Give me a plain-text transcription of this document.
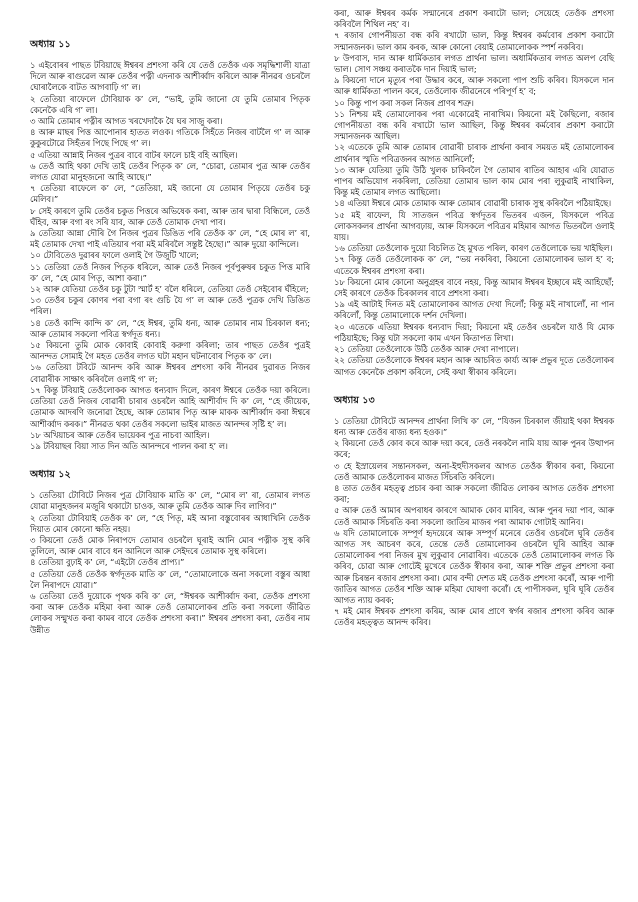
অধ্যায় ১১

১ এইবোৰৰ পাছত টবিয়াছে ঈশ্বৰৰ প্ৰশংসা কৰি যে তেওঁ তেওঁক এক সমৃদ্ধিশালী যাত্ৰা দিলে আৰু ৰাগুৱেল আৰু তেওঁৰ পত্নী এদনাক আশীৰ্ব্বাদ কৰিলে আৰু নীনৱৰ ওচৰলৈ ঘোৰালৈকে বাটত আগবাঢ়ি গ’ ল।

২ তেতিয়া ৰাফেলে টোবিয়াক ক’ লে, “ভাই, তুমি জানো যে তুমি তোমাৰ পিতৃক কেনেকৈ এৰি গ’ লা।

৩ আমি তোমাৰ পত্নীৰ আগত খৰখেদাকৈ যৈ ঘৰ সাজু কৰা।

৪ আৰু মাছৰ পিত্ত আপোনাৰ হাতত লওক। গতিকে সিহঁতে নিজৰ বাটলৈ গ’ ল আৰু কুকুৰটোৱে সিহঁতৰ পিছে পিছে গ’ ল।

৫ এতিয়া আন্নাই নিজৰ পুত্ৰৰ বাবে বাটৰ ফালে চাই বহি আছিল।

৬ তেওঁ আহি থকা দেখি তাই তেওঁৰ পিতৃক ক’ লে, “চোৱা, তোমাৰ পুত্ৰ আৰু তেওঁৰ লগত যোৱা মানুহজনো আহি আছে।”

৭ তেতিয়া ৰাফেলে ক’ লে, “তেতিয়া, মই জানো যে তোমাৰ পিতৃয়ে তেওঁৰ চকু মেলিব।”

৮ সেই কাৰণে তুমি তেওঁৰ চকুত পিত্তৰে অভিষেক কৰা, আৰু তাৰ দ্বাৰা বিন্ধিলে, তেওঁ ঘঁহিব, আৰু বগা ৰং সৰি যাব, আৰু তেওঁ তোমাক দেখা পাব।

৯ তেতিয়া আন্না দৌৰি গৈ নিজৰ পুত্ৰৰ ডিঙিত পৰি তেওঁক ক’ লে, “হে মোৰ ল’ ৰা, মই তোমাক দেখা পাই এতিয়াৰ পৰা মই মৰিবলৈ সন্তুষ্ট হৈছো।” আৰু দুয়ো কান্দিলে।

১০ টোবিতেও দুৱাৰৰ ফালে ওলাই গৈ উজুটি খালে;

১১ তেতিয়া তেওঁ নিজৰ পিতৃক ধৰিলে, আৰু তেওঁ নিজৰ পূৰ্বপুৰুষৰ চকুত পিত্ত মাৰি ক’ লে, “হে মোৰ পিতৃ, আশা কৰা।”

১২ আৰু যেতিয়া তেওঁৰ চকু টুটা স্মাৰ্ট হ’ বলৈ ধৰিলে, তেতিয়া তেওঁ সেইবোৰ ঘঁহিলে;

১৩ তেওঁৰ চকুৰ কোণৰ পৰা বগা ৰং গুচি যৈ গ’ ল আৰু তেওঁ পুত্ৰক দেখি ডিঙিত পৰিল।

১৪ তেওঁ কান্দি কান্দি ক’ লে, “হে ঈশ্বৰ, তুমি ধন্য, আৰু তোমাৰ নাম চিৰকাল ধন্য; আৰু তোমাৰ সকলো পবিত্ৰ স্বৰ্গদূত ধন্য।

১৫ কিয়নো তুমি মোক কোবাই কোবাই করুণা কৰিলা; তাৰ পাছত তেওঁৰ পুত্ৰই আনন্দত সোমাই গৈ মহত তেওঁৰ লগত ঘটা মহান ঘটনাবোৰ পিতৃক ক’ লে।

১৬ তেতিয়া টবিটে আনন্দ কৰি আৰু ঈশ্বৰৰ প্ৰশংসা কৰি নীনৱৰ দুৱাৰত নিজৰ বোৱাৰীক সাক্ষাৎ কৰিবলৈ ওলাই গ’ ল;

১৭ কিন্তু টবিয়াই তেওঁলোকক আগত ধন্যবাদ দিলে, কাৰণ ঈশ্বৰে তেওঁক দয়া কৰিলে। তেতিয়া তেওঁ নিজৰ বোৱাৰী চাৰাৰ ওচৰলৈ আহি আশীৰ্বাদ দি ক’ লে, “হে জীয়েক, তোমাক আদৰণি জনোৱা হৈছে, আৰু তোমাৰ পিতৃ আৰু মাকক আশীৰ্ব্বাদ কৰা ঈশ্বৰে আশীৰ্ব্বাদ কৰক।” নীনৱত থকা তেওঁৰ সকলো ভাইৰ মাজত আনন্দৰ সৃষ্টি হ’ ল।

১৮ অখিয়াচৰ আৰু তেওঁৰ ভায়েকৰ পুত্ৰ নাচবা আহিল।

১৯ টবিয়াছৰ বিয়া সাত দিন অতি আনন্দৰে পালন কৰা হ’ ল।

অধ্যায় ১২

১ তেতিয়া টোবিটে নিজৰ পুত্ৰ টোবিয়াক মাতি ক’ লে, “মোৰ ল’ ৰা, তোমাৰ লগত যোৱা মানুহজনৰ মজুৰি থকাটো চাওক, আৰু তুমি তেওঁক আৰু দিব লাগিব।”

২ তেতিয়া টোবিয়াই তেওঁক ক’ লে, “হে পিতৃ, মই আনা বস্তুবোৰৰ আধাখিনি তেওঁক দিয়াত মোৰ কোনো ক্ষতি নহয়।

৩ কিয়নো তেওঁ মোক নিৰাপদে তোমাৰ ওচৰলৈ ঘূৰাই আনি মোৰ পত্নীক সুস্থ কৰি তুলিলে, আৰু মোৰ বাবে ধন আনিলে আৰু সেইদৰে তোমাক সুস্থ কৰিলে।

৪ তেতিয়া বুঢ়াই ক’ লে, “এইটো তেওঁৰ প্ৰাপ্য।”

৫ তেতিয়া তেওঁ তেওঁক স্বৰ্গদূতক মাতি ক’ লে, “তোমালোকে অনা সকলো বস্তুৰ আধা লৈ নিৰাপদে যোৱা।”

৬ তেতিয়া তেওঁ দুয়োকে পৃথক কৰি ক’ লে, “ঈশ্বৰক আশীৰ্ব্বাদ কৰা, তেওঁক প্ৰশংসা কৰা আৰু তেওঁক মহিমা কৰা আৰু তেওঁ তোমালোকৰ প্ৰতি কৰা সকলো জীৱিত লোকৰ সন্মুখত কৰা কামৰ বাবে তেওঁক প্ৰশংসা কৰা।” ঈশ্বৰৰ প্ৰশংসা কৰা, তেওঁৰ নাম উন্নীত

কৰা, আৰু ঈশ্বৰৰ কৰ্মক সন্মানেৰে প্ৰকাশ কৰাটো ভাল; সেয়েহে তেওঁক প্ৰশংসা কৰিবলৈ শিথিল নহ’ ব।

৭ ৰজাৰ গোপনীয়তা বন্ধ কৰি ৰখাটো ভাল, কিন্তু ঈশ্বৰৰ কৰ্মবোৰ প্ৰকাশ কৰাটো সন্মানজনক। ভাল কাম কৰক, আৰু কোনো বেয়াই তোমালোকক স্পৰ্শ নকৰিব।

৮ উপবাস, দান আৰু ধাৰ্মিকতাৰ লগত প্ৰাৰ্থনা ভাল। অধাৰ্মিকতাৰ লগত অলপ বেছি ভাল। সোণ সঞ্চয় কৰাতকৈ দান দিয়াই ভাল;

৯ কিয়নো দানে মৃত্যুৰ পৰা উদ্ধাৰ কৰে, আৰু সকলো পাপ শুচি কৰিব। যিসকলে দান আৰু ধাৰ্মিকতা পালন কৰে, তেওঁলোক জীৱনেৰে পৰিপূৰ্ণ হ’ ব;

১০ কিন্তু পাপ কৰা সকল নিজৰ প্ৰাণৰ শত্ৰু।

১১ নিশ্চয় মই তোমালোকৰ পৰা একোৱেই নাৰাখিম। কিয়নো মই কৈছিলো, ৰজাৰ গোপনীয়তা বন্ধ কৰি ৰখাটো ভাল আছিল, কিন্তু ঈশ্বৰৰ কৰ্মবোৰ প্ৰকাশ কৰাটো সন্মানজনক আছিল।

১২ এতেকে তুমি আৰু তোমাৰ বোৱাৰী চাৰাক প্ৰাৰ্থনা কৰাৰ সময়ত মই তোমালোকৰ প্ৰাৰ্থনাৰ স্মৃতি পবিত্ৰজনৰ আগত আনিলোঁ;

১৩ আৰু যেতিয়া তুমি উঠি খুলক চাকিবলৈ গৈ তোমাৰ ৰাতিৰ আহাৰ এৰি যোৱাত পাপৰ অভিযোগ নকৰিলা, তেতিয়া তোমাৰ ভাল কাম মোৰ পৰা লুকুৱাই নাথাকিল, কিন্তু মই তোমাৰ লগত আছিলো।

১৪ এতিয়া ঈশ্বৰে মোক তোমাক আৰু তোমাৰ বোৱাৰী চাৰাক সুস্থ কৰিবলৈ পঠিয়াইছে।

১৫ মই ৰাফেল, যি সাতজন পবিত্ৰ স্বৰ্গদূতৰ ভিতৰৰ এজন, যিসকলে পবিত্ৰ লোকসকলৰ প্ৰাৰ্থনা আগবঢ়ায়, আৰু যিসকলে পবিত্ৰৰ মহিমাৰ আগত ভিতৰলৈ ওলাই যায়।

১৬ তেতিয়া তেওঁলোক দুয়ো বিচলিত হৈ মুখত পৰিল, কাৰণ তেওঁলোকে ভয় খাইছিল।

১৭ কিন্তু তেওঁ তেওঁলোকক ক’ লে, “ভয় নকৰিবা, কিয়নো তোমালোকৰ ভাল হ’ ব; এতেকে ঈশ্বৰৰ প্ৰশংসা কৰা।

১৮ কিয়নো মোৰ কোনো অনুগ্ৰহৰ বাবে নহয়, কিন্তু আমাৰ ঈশ্বৰৰ ইচ্ছাৰে মই আহিছোঁ; সেই কাৰণে তেওঁক চিৰকালৰ বাবে প্ৰশংসা কৰা।

১৯ এই আটাই দিনত মই তোমালোকৰ আগত দেখা দিলোঁ; কিন্তু মই নাখালোঁ, না পান কৰিলোঁ, কিন্তু তোমালোকে দৰ্শন দেখিলা।

২০ এতেকে এতিয়া ঈশ্বৰক ধন্যবাদ দিয়া; কিয়নো মই তেওঁৰ ওচৰলৈ যাওঁ যি মোক পঠিয়াইছে; কিন্তু ঘটা সকলো কাম এখন কিতাপত লিখা।

২১ তেতিয়া তেওঁলোকে উঠি তেওঁক আৰু দেখা নাপালে।

২২ তেতিয়া তেওঁলোকে ঈশ্বৰৰ মহান আৰু আচৰিত কাৰ্য্য আৰু প্ৰভুৰ দূতে তেওঁলোকৰ আগত কেনেকৈ প্ৰকাশ কৰিলে, সেই কথা স্বীকাৰ কৰিলে।

অধ্যায় ১৩

১ তেতিয়া টোবিটে আনন্দৰ প্ৰাৰ্থনা লিখি ক’ লে, “যিজন চিৰকাল জীয়াই থকা ঈশ্বৰক ধন্য আৰু তেওঁৰ ৰাজ্য ধন্য হওক।”

২ কিয়নো তেওঁ কোব কৰে আৰু দয়া কৰে, তেওঁ নৰকলৈ নামি যায় আৰু পুনৰ উত্থাপন কৰে;

৩ হে ইস্ৰায়েলৰ সন্তানসকল, অনা-ইহুদীসকলৰ আগত তেওঁক স্বীকাৰ কৰা, কিয়নো তেওঁ আমাক তেওঁলোকৰ মাজত সিঁচৰতি কৰিলে।

৪ তাত তেওঁৰ মহত্ত্ব প্ৰচাৰ কৰা আৰু সকলো জীৱিত লোকৰ আগত তেওঁক প্ৰশংসা কৰা;

৫ আৰু তেওঁ আমাৰ অপৰাধৰ কাৰণে আমাক কোব মাৰিব, আৰু পুনৰ দয়া পাব, আৰু তেওঁ আমাক সিঁচৰতি কৰা সকলো জাতিৰ মাজৰ পৰা আমাক গোটাই আনিব।

৬ যদি তোমালোকে সম্পূৰ্ণ হৃদয়েৰে আৰু সম্পূৰ্ণ মনেৰে তেওঁৰ ওচৰলৈ ঘূৰি তেওঁৰ আগত সৎ আচৰণ কৰে, তেন্তে তেওঁ তোমালোকৰ ওচৰলৈ ঘূৰি আহিব আৰু তোমালোকৰ পৰা নিজৰ মুখ লুকুৱাব নোৱাৰিব। এতেকে তেওঁ তোমালোকৰ লগত কি কৰিব, চোৱা আৰু গোটেই মুখেৰে তেওঁক স্বীকাৰ কৰা, আৰু শক্তি প্ৰভুৰ প্ৰশংসা কৰা আৰু চিৰন্তন ৰজাৰ প্ৰশংসা কৰা। মোৰ বন্দী দেশত মই তেওঁক প্ৰশংসা কৰোঁ, আৰু পাপী জাতিৰ আগত তেওঁৰ শক্তি আৰু মহিমা ঘোষণা কৰোঁ। হে পাপীসকল, ঘূৰি ঘূৰি তেওঁৰ আগত ন্যায় কৰক;

৭ মই মোৰ ঈশ্বৰক প্ৰশংসা কৰিম, আৰু মোৰ প্ৰাণে স্বৰ্গৰ ৰজাৰ প্ৰশংসা কৰিব আৰু তেওঁৰ মহত্ত্বত আনন্দ কৰিব।
